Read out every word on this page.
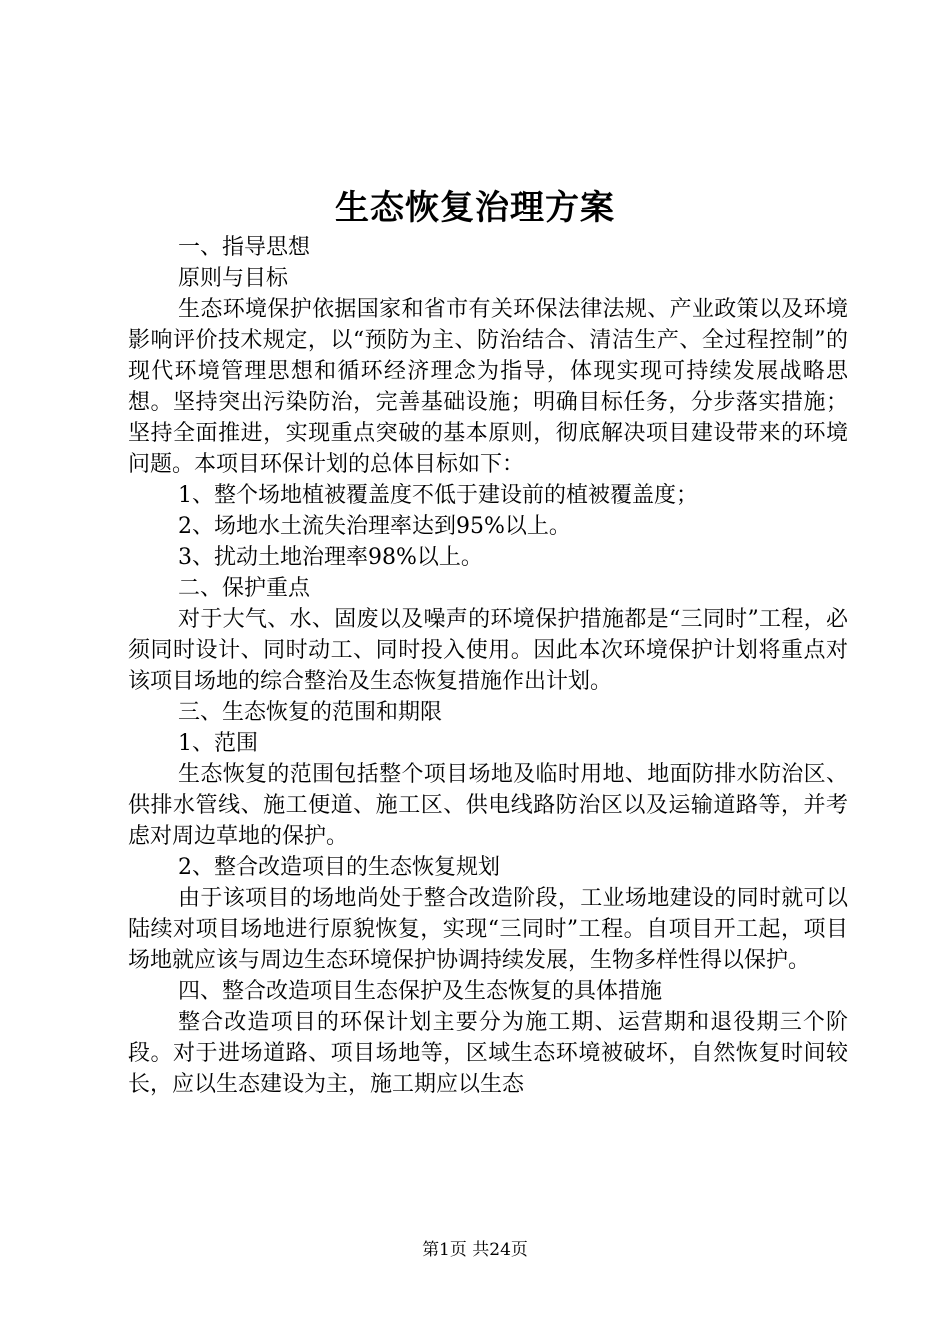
生态恢复治理方案

一、指导思想

原则与目标

生态环境保护依据国家和省市有关环保法律法规、产业政策以及环境影响评价技术规定，以“预防为主、防治结合、清洁生产、全过程控制”的现代环境管理思想和循环经济理念为指导，体现实现可持续发展战略思想。坚持突出污染防治，完善基础设施；明确目标任务，分步落实措施；坚持全面推进，实现重点突破的基本原则，彻底解决项目建设带来的环境问题。本项目环保计划的总体目标如下：

1、整个场地植被覆盖度不低于建设前的植被覆盖度；

2、场地水土流失治理率达到95%以上。

3、扰动土地治理率98%以上。

二、保护重点

对于大气、水、固废以及噪声的环境保护措施都是“三同时”工程，必须同时设计、同时动工、同时投入使用。因此本次环境保护计划将重点对该项目场地的综合整治及生态恢复措施作出计划。

三、生态恢复的范围和期限

1、范围

生态恢复的范围包括整个项目场地及临时用地、地面防排水防治区、供排水管线、施工便道、施工区、供电线路防治区以及运输道路等，并考虑对周边草地的保护。

2、整合改造项目的生态恢复规划

由于该项目的场地尚处于整合改造阶段，工业场地建设的同时就可以陆续对项目场地进行原貌恢复，实现“三同时”工程。自项目开工起，项目场地就应该与周边生态环境保护协调持续发展，生物多样性得以保护。

四、整合改造项目生态保护及生态恢复的具体措施

整合改造项目的环保计划主要分为施工期、运营期和退役期三个阶段。对于进场道路、项目场地等，区域生态环境被破坏，自然恢复时间较长，应以生态建设为主，施工期应以生态

第1页 共24页
